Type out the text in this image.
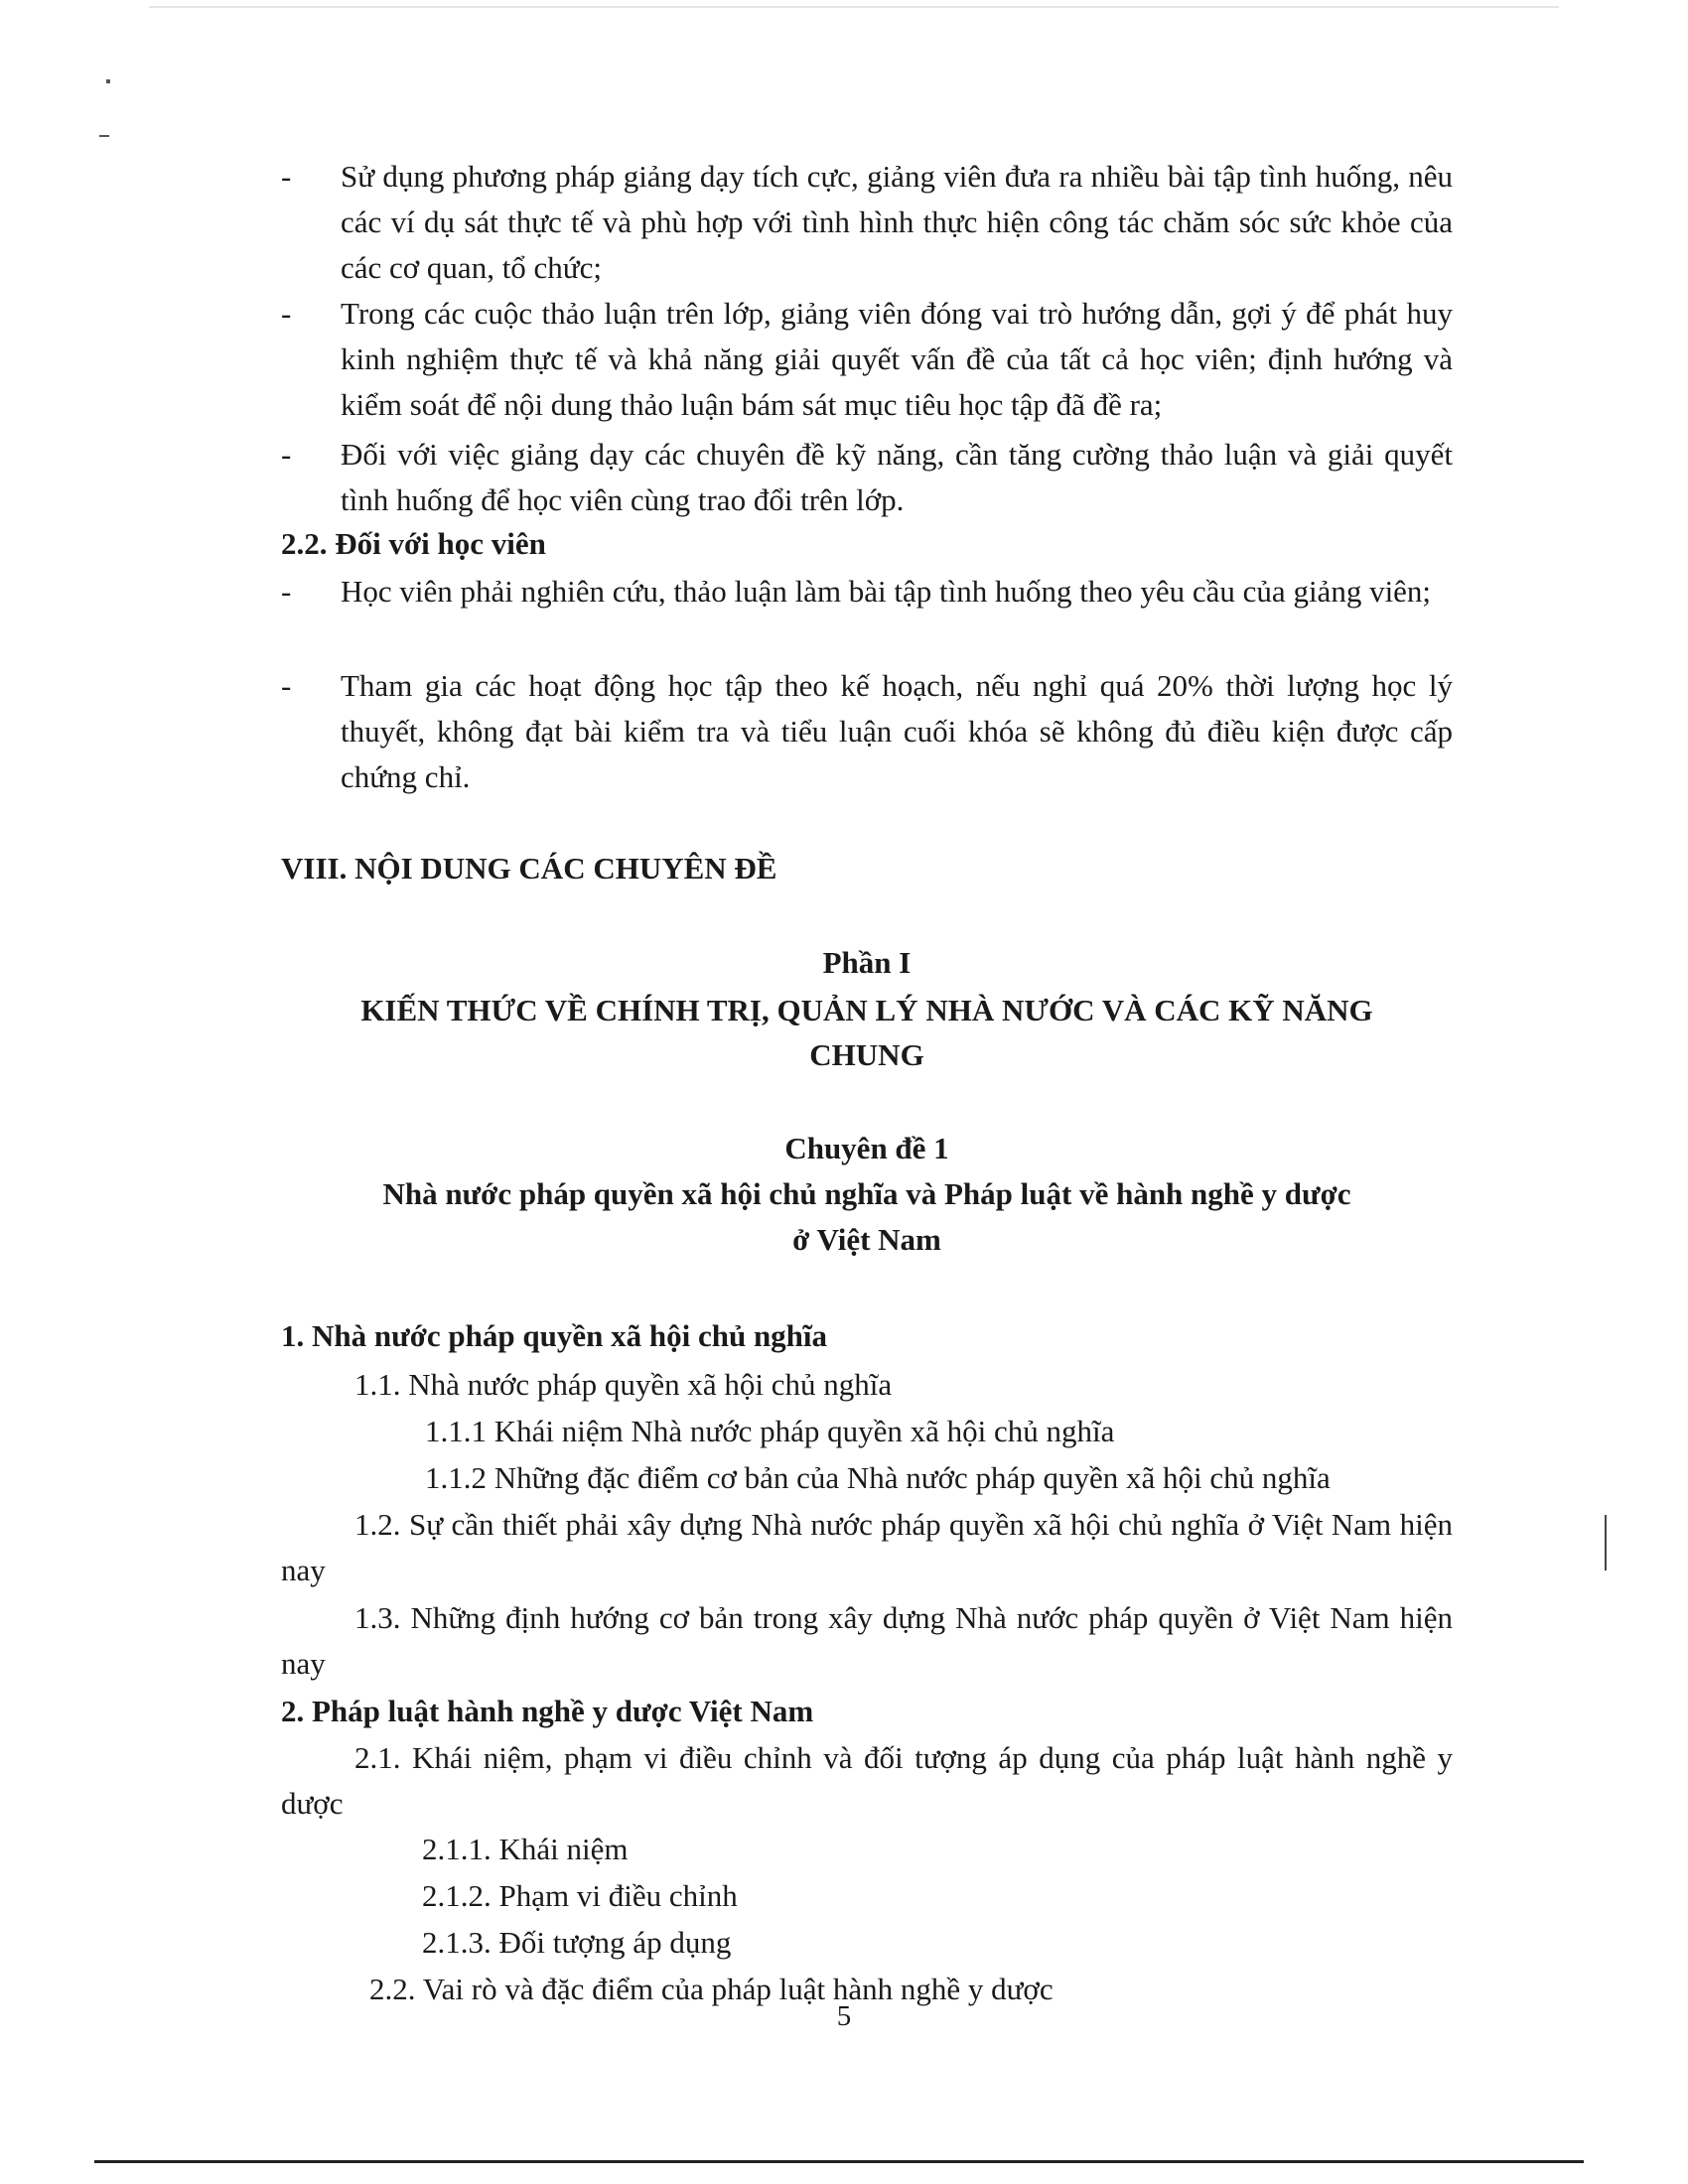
-	Sử dụng phương pháp giảng dạy tích cực, giảng viên đưa ra nhiều bài tập tình huống, nêu các ví dụ sát thực tế và phù hợp với tình hình thực hiện công tác chăm sóc sức khỏe của các cơ quan, tổ chức;
-	Trong các cuộc thảo luận trên lớp, giảng viên đóng vai trò hướng dẫn, gợi ý để phát huy kinh nghiệm thực tế và khả năng giải quyết vấn đề của tất cả học viên; định hướng và kiểm soát để nội dung thảo luận bám sát mục tiêu học tập đã đề ra;
-	Đối với việc giảng dạy các chuyên đề kỹ năng, cần tăng cường thảo luận và giải quyết tình huống để học viên cùng trao đổi trên lớp.
2.2. Đối với học viên
-	Học viên phải nghiên cứu, thảo luận làm bài tập tình huống theo yêu cầu của giảng viên;
-	Tham gia các hoạt động học tập theo kế hoạch, nếu nghỉ quá 20% thời lượng học lý thuyết, không đạt bài kiểm tra và tiểu luận cuối khóa sẽ không đủ điều kiện được cấp chứng chỉ.
VIII. NỘI DUNG CÁC CHUYÊN ĐỀ
Phần I
KIẾN THỨC VỀ CHÍNH TRỊ, QUẢN LÝ NHÀ NƯỚC VÀ CÁC KỸ NĂNG
CHUNG
Chuyên đề 1
Nhà nước pháp quyền xã hội chủ nghĩa và Pháp luật về hành nghề y dược
ở Việt Nam
1. Nhà nước pháp quyền xã hội chủ nghĩa
1.1. Nhà nước pháp quyền xã hội chủ nghĩa
1.1.1 Khái niệm Nhà nước pháp quyền xã hội chủ nghĩa
1.1.2 Những đặc điểm cơ bản của Nhà nước pháp quyền xã hội chủ nghĩa
1.2. Sự cần thiết phải xây dựng Nhà nước pháp quyền xã hội chủ nghĩa ở Việt Nam hiện nay
1.3. Những định hướng cơ bản trong xây dựng Nhà nước pháp quyền ở Việt Nam hiện nay
2. Pháp luật hành nghề y dược Việt Nam
2.1. Khái niệm, phạm vi điều chỉnh và đối tượng áp dụng của pháp luật hành nghề y dược
2.1.1. Khái niệm
2.1.2. Phạm vi điều chỉnh
2.1.3. Đối tượng áp dụng
2.2. Vai rò và đặc điểm của pháp luật hành nghề y dược
5
